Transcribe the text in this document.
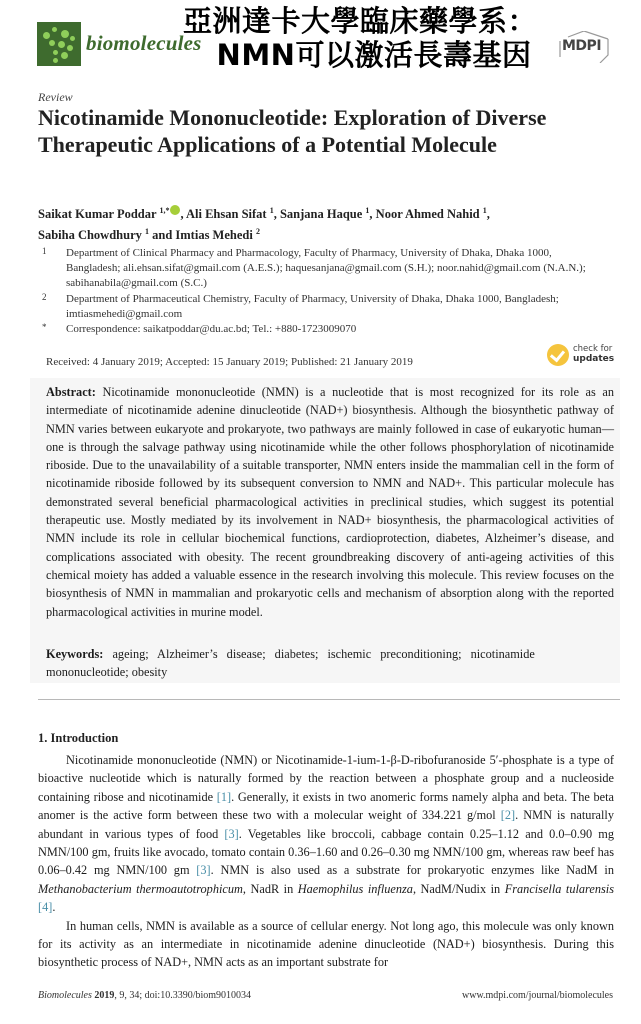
biomolecules
亞洲達卡大學臨床藥學系：
NMN可以激活長壽基因	MDPI
Review
Nicotinamide Mononucleotide: Exploration of Diverse Therapeutic Applications of a Potential Molecule
Saikat Kumar Poddar $^{1,*}$ , Ali Ehsan Sifat $^1$, Sanjana Haque $^1$, Noor Ahmed Nahid $^1$,
Sabiha Chowdhury $^1$ and Imtias Mehedi $^2$
1 Department of Clinical Pharmacy and Pharmacology, Faculty of Pharmacy, University of Dhaka, Dhaka 1000, Bangladesh; ali.ehsan.sifat@gmail.com (A.E.S.); haquesanjana@gmail.com (S.H.); noor.nahid@gmail.com (N.A.N.); sabihanabila@gmail.com (S.C.)
2 Department of Pharmaceutical Chemistry, Faculty of Pharmacy, University of Dhaka, Dhaka 1000, Bangladesh; imtiasmehedi@gmail.com
* Correspondence: saikatpoddar@du.ac.bd; Tel.: +880-1723009070
Received: 4 January 2019; Accepted: 15 January 2019; Published: 21 January 2019
check for
updates
Abstract: Nicotinamide mononucleotide (NMN) is a nucleotide that is most recognized for its role as an intermediate of nicotinamide adenine dinucleotide (NAD+) biosynthesis. Although the biosynthetic pathway of NMN varies between eukaryote and prokaryote, two pathways are mainly followed in case of eukaryotic human—one is through the salvage pathway using nicotinamide while the other follows phosphorylation of nicotinamide riboside. Due to the unavailability of a suitable transporter, NMN enters inside the mammalian cell in the form of nicotinamide riboside followed by its subsequent conversion to NMN and NAD+. This particular molecule has demonstrated several beneficial pharmacological activities in preclinical studies, which suggest its potential therapeutic use. Mostly mediated by its involvement in NAD+ biosynthesis, the pharmacological activities of NMN include its role in cellular biochemical functions, cardioprotection, diabetes, Alzheimer’s disease, and complications associated with obesity. The recent groundbreaking discovery of anti-ageing activities of this chemical moiety has added a valuable essence in the research involving this molecule. This review focuses on the biosynthesis of NMN in mammalian and prokaryotic cells and mechanism of absorption along with the reported pharmacological activities in murine model.
Keywords: ageing; Alzheimer’s disease; diabetes; ischemic preconditioning; nicotinamide
mononucleotide; obesity
1. Introduction

Nicotinamide mononucleotide (NMN) or Nicotinamide-1-ium-1-β-D-ribofuranoside 5′-phosphate is a type of bioactive nucleotide which is naturally formed by the reaction between a phosphate group and a nucleoside containing ribose and nicotinamide [1]. Generally, it exists in two anomeric forms namely alpha and beta. The beta anomer is the active form between these two with a molecular weight of 334.221 g/mol [2]. NMN is naturally abundant in various types of food [3]. Vegetables like broccoli, cabbage contain 0.25–1.12 and 0.0–0.90 mg NMN/100 gm, fruits like avocado, tomato contain 0.36–1.60 and 0.26–0.30 mg NMN/100 gm, whereas raw beef has 0.06–0.42 mg NMN/100 gm [3]. NMN is also used as a substrate for prokaryotic enzymes like NadM in Methanobacterium thermoautotrophicum, NadR in Haemophilus influenza, NadM/Nudix in Francisella tularensis [4].

In human cells, NMN is available as a source of cellular energy. Not long ago, this molecule was only known for its activity as an intermediate in nicotinamide adenine dinucleotide (NAD+) biosynthesis. During this biosynthetic process of NAD+, NMN acts as an important substrate for

Biomolecules 2019, 9, 34; doi:10.3390/biom9010034	www.mdpi.com/journal/biomolecules
